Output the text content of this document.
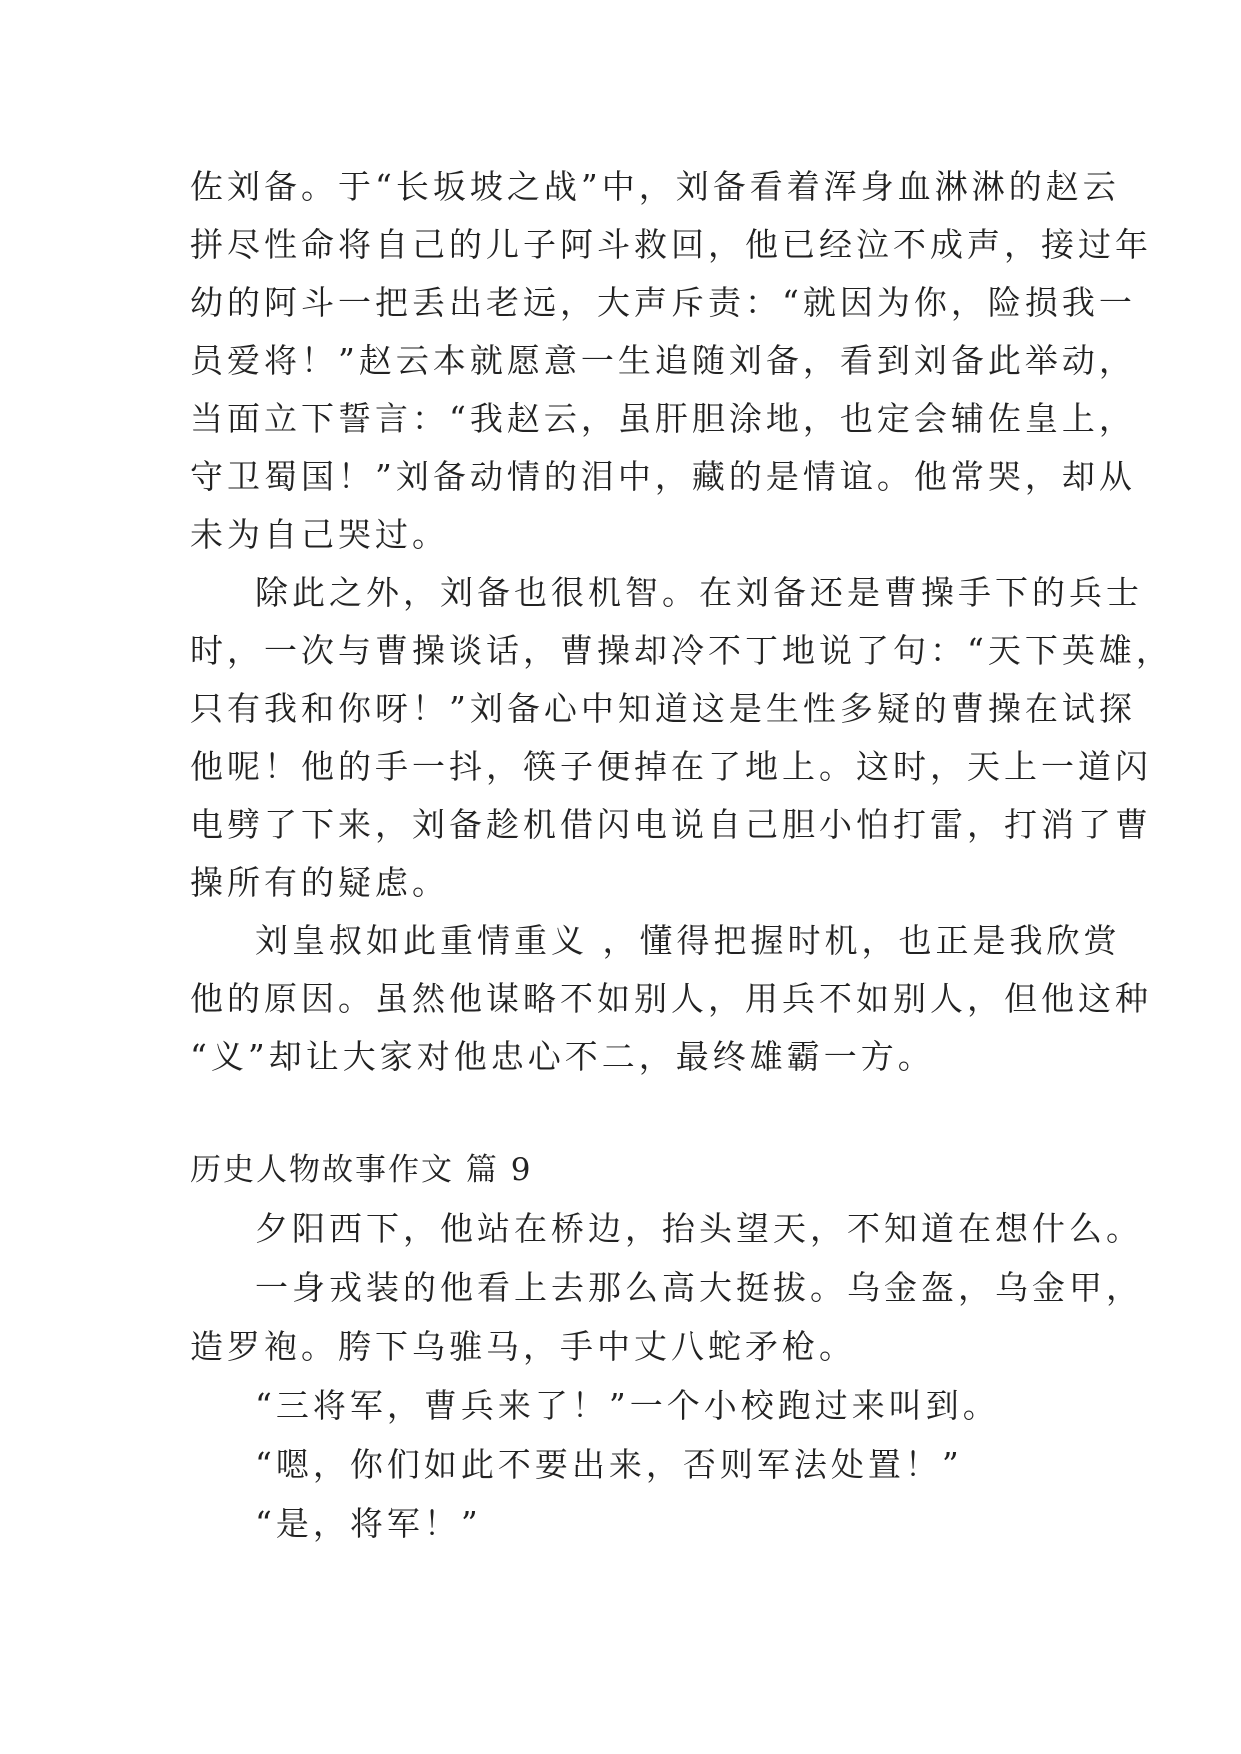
佐刘备。于“长坂坡之战”中，刘备看着浑身血淋淋的赵云
拼尽性命将自己的儿子阿斗救回，他已经泣不成声，接过年
幼的阿斗一把丢出老远，大声斥责：“就因为你，险损我一
员爱将！”赵云本就愿意一生追随刘备，看到刘备此举动，
当面立下誓言：“我赵云，虽肝胆涂地，也定会辅佐皇上，
守卫蜀国！”刘备动情的泪中，藏的是情谊。他常哭，却从
未为自己哭过。
除此之外，刘备也很机智。在刘备还是曹操手下的兵士
时，一次与曹操谈话，曹操却冷不丁地说了句：“天下英雄，
只有我和你呀！”刘备心中知道这是生性多疑的曹操在试探
他呢！他的手一抖，筷子便掉在了地上。这时，天上一道闪
电劈了下来，刘备趁机借闪电说自己胆小怕打雷，打消了曹
操所有的疑虑。
刘皇叔如此重情重义 ，懂得把握时机，也正是我欣赏
他的原因。虽然他谋略不如别人，用兵不如别人，但他这种
“义”却让大家对他忠心不二，最终雄霸一方。
历史人物故事作文 篇 9
夕阳西下，他站在桥边，抬头望天，不知道在想什么。
一身戎装的他看上去那么高大挺拔。乌金盔，乌金甲，
造罗袍。胯下乌骓马，手中丈八蛇矛枪。
“三将军，曹兵来了！”一个小校跑过来叫到。
“嗯，你们如此不要出来，否则军法处置！”
“是，将军！”
